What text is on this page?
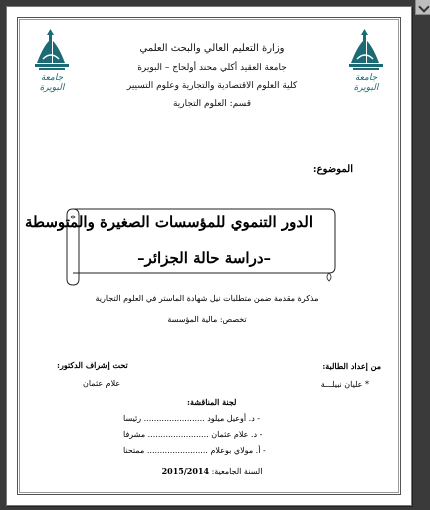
جامعة البويرة
جامعة البويرة
وزارة التعليم العالي والبحث العلمي
جامعة العقيد أكلي محند أولحاج – البويرة
كلية العلوم الاقتصادية والتجارية وعلوم التسيير
قسم: العلوم التجارية
الموضوع:
الدور التنموي للمؤسسات الصغيرة والمتوسطة
–دراسة حالة الجزائر–
مذكرة مقدمة ضمن متطلبات نيل شهادة الماستر في العلوم التجارية
تخصص: مالية المؤسسة
من إعداد الطالبة:
* عليان نبيلـــة
تحت إشراف الدكتور:
علام عثمان
لجنة المناقشة:
- د. أوعيل ميلود ........................ رئيسا
- د. علام عثمان ........................ مشرفا
- أ. مولاي بوعلام ........................ ممتحنا
السنة الجامعية: 2015/2014
